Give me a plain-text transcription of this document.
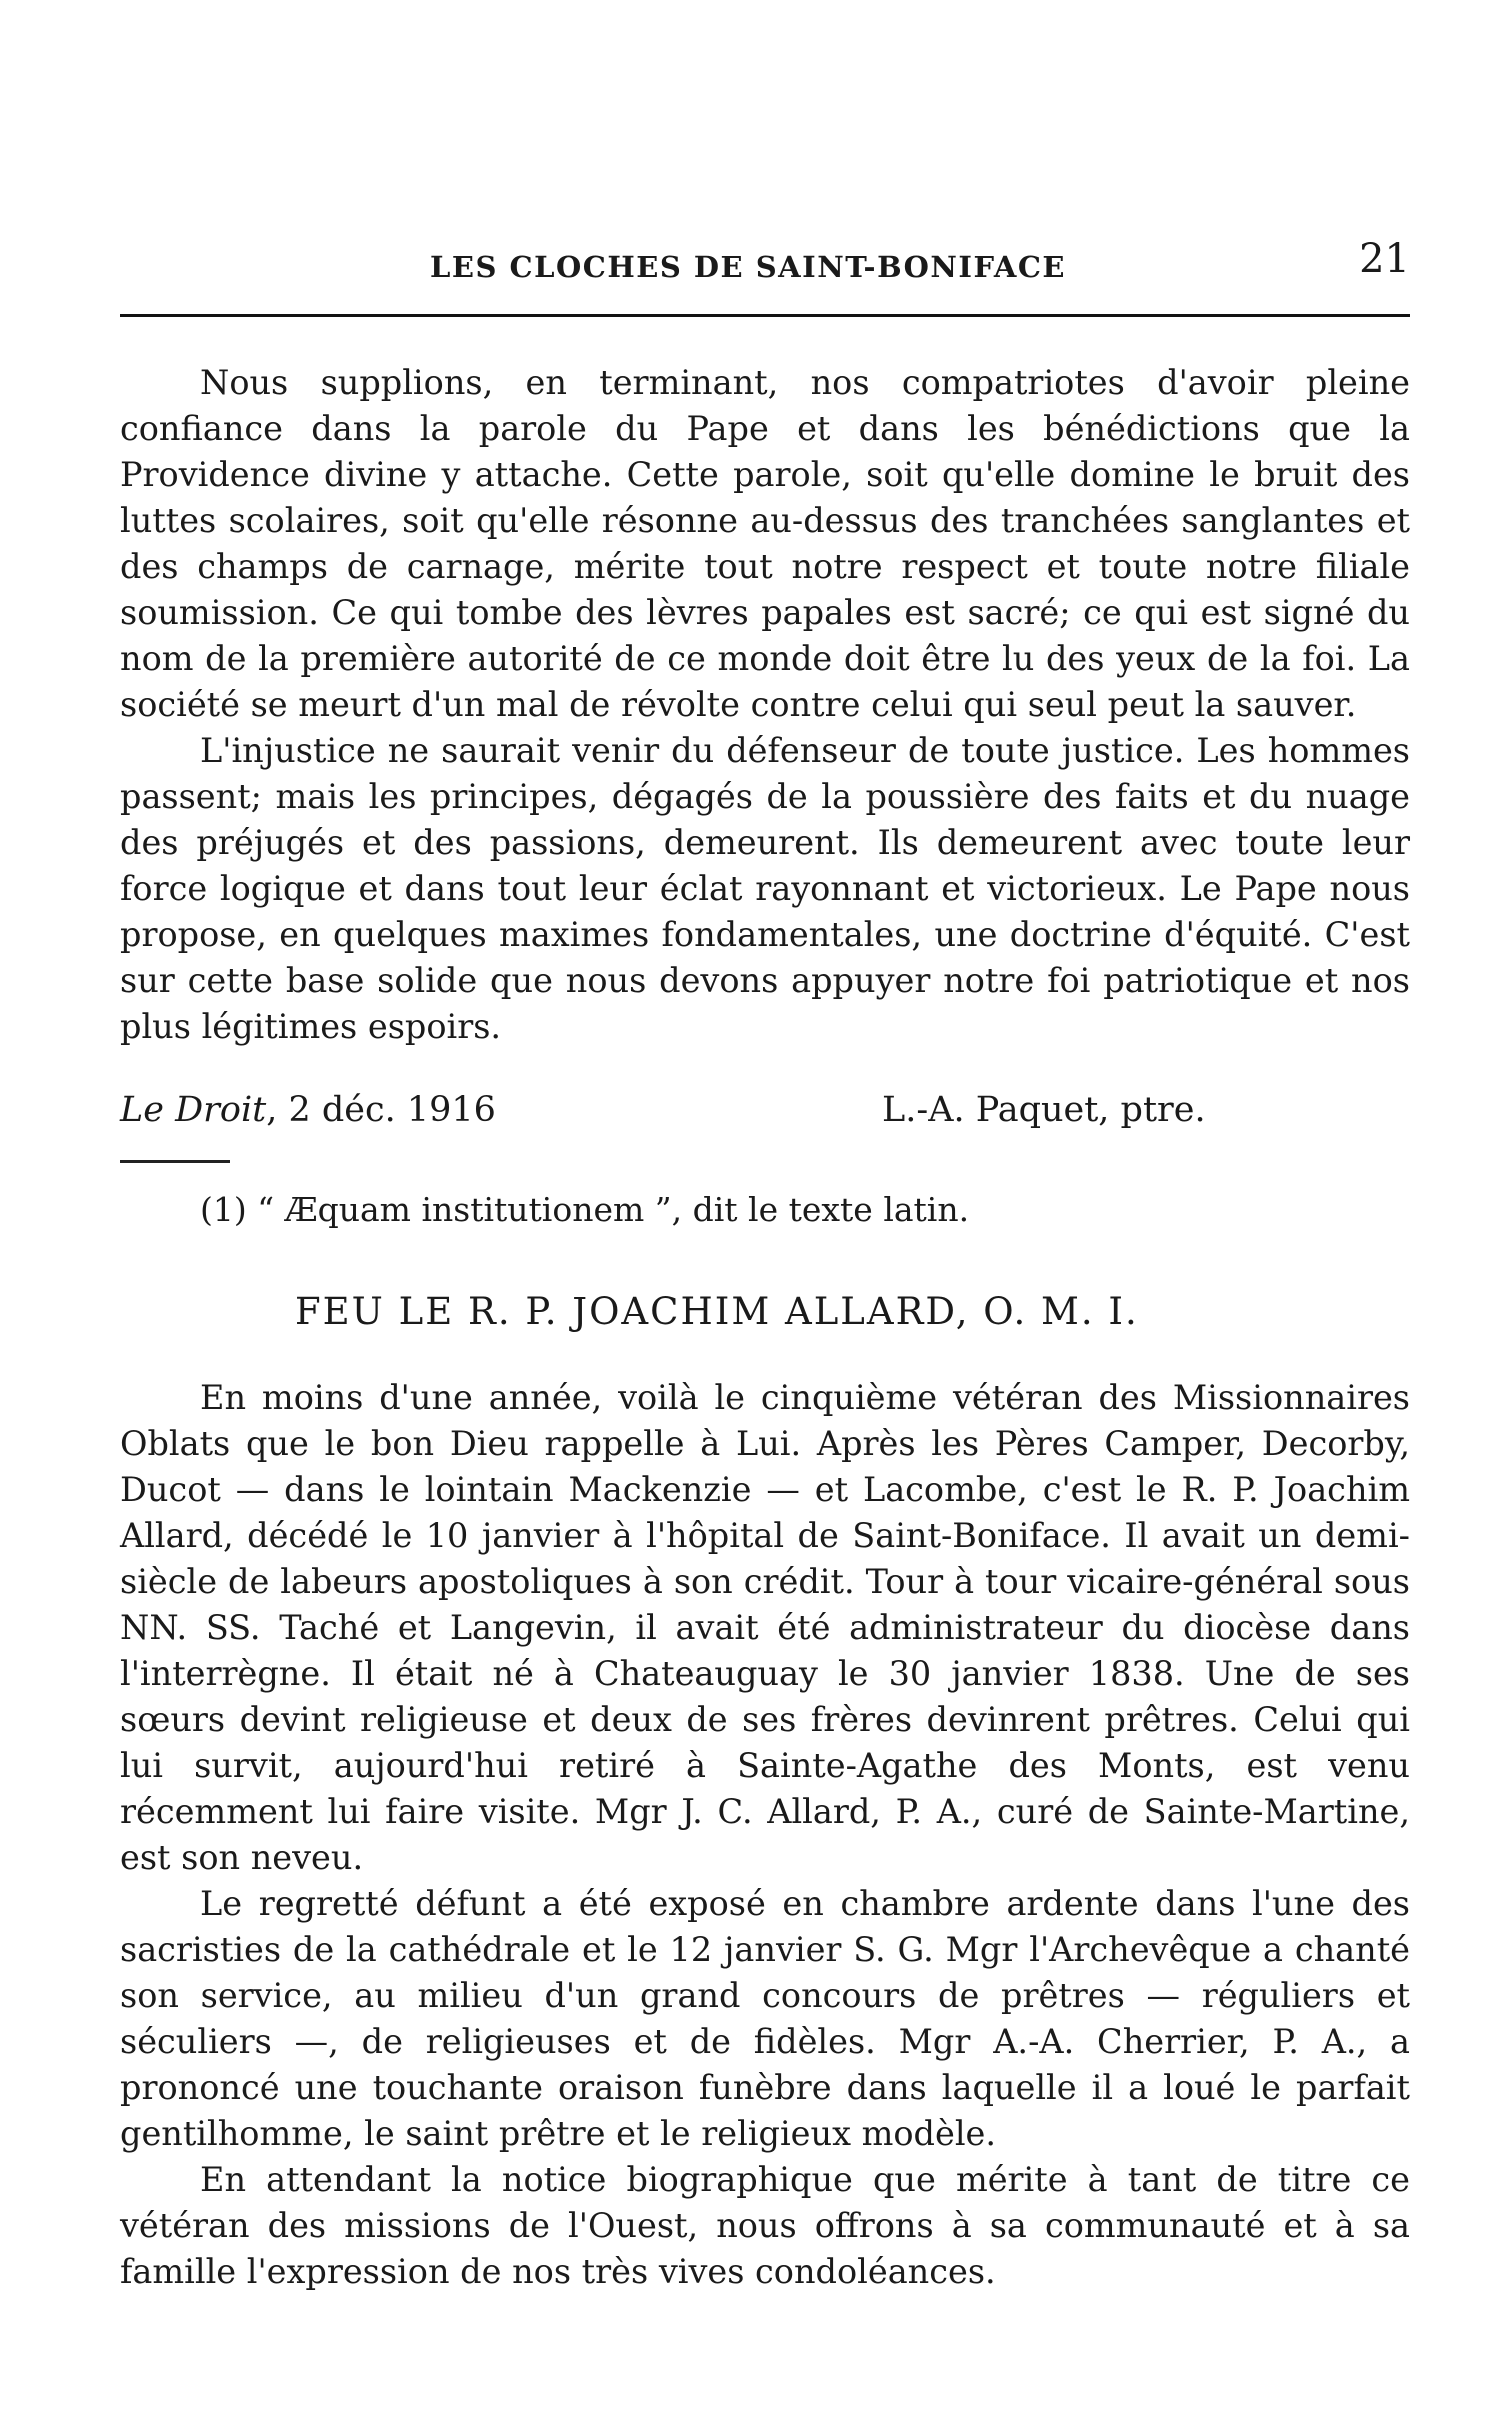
LES CLOCHES DE SAINT-BONIFACE	21

Nous supplions, en terminant, nos compatriotes d'avoir pleine confiance dans la parole du Pape et dans les bénédictions que la Providence divine y attache. Cette parole, soit qu'elle domine le bruit des luttes scolaires, soit qu'elle résonne au-dessus des tranchées sanglantes et des champs de carnage, mérite tout notre respect et toute notre filiale soumission. Ce qui tombe des lèvres papales est sacré; ce qui est signé du nom de la première autorité de ce monde doit être lu des yeux de la foi. La société se meurt d'un mal de révolte contre celui qui seul peut la sauver.

L'injustice ne saurait venir du défenseur de toute justice. Les hommes passent; mais les principes, dégagés de la poussière des faits et du nuage des préjugés et des passions, demeurent. Ils demeurent avec toute leur force logique et dans tout leur éclat rayonnant et victorieux. Le Pape nous propose, en quelques maximes fondamentales, une doctrine d'équité. C'est sur cette base solide que nous devons appuyer notre foi patriotique et nos plus légitimes espoirs.

Le Droit, 2 déc. 1916	L.-A. Paquet, ptre.
(1) “ Æquam institutionem ”, dit le texte latin.
FEU LE R. P. JOACHIM ALLARD, O. M. I.

En moins d'une année, voilà le cinquième vétéran des Missionnaires Oblats que le bon Dieu rappelle à Lui. Après les Pères Camper, Decorby, Ducot — dans le lointain Mackenzie — et Lacombe, c'est le R. P. Joachim Allard, décédé le 10 janvier à l'hôpital de Saint-Boniface. Il avait un demi-siècle de labeurs apostoliques à son crédit. Tour à tour vicaire-général sous NN. SS. Taché et Langevin, il avait été administrateur du diocèse dans l'interrègne. Il était né à Chateauguay le 30 janvier 1838. Une de ses sœurs devint religieuse et deux de ses frères devinrent prêtres. Celui qui lui survit, aujourd'hui retiré à Sainte-Agathe des Monts, est venu récemment lui faire visite. Mgr J. C. Allard, P. A., curé de Sainte-Martine, est son neveu.

Le regretté défunt a été exposé en chambre ardente dans l'une des sacristies de la cathédrale et le 12 janvier S. G. Mgr l'Archevêque a chanté son service, au milieu d'un grand concours de prêtres — réguliers et séculiers —, de religieuses et de fidèles. Mgr A.-A. Cherrier, P. A., a prononcé une touchante oraison funèbre dans laquelle il a loué le parfait gentilhomme, le saint prêtre et le religieux modèle.

En attendant la notice biographique que mérite à tant de titre ce vétéran des missions de l'Ouest, nous offrons à sa communauté et à sa famille l'expression de nos très vives condoléances.
